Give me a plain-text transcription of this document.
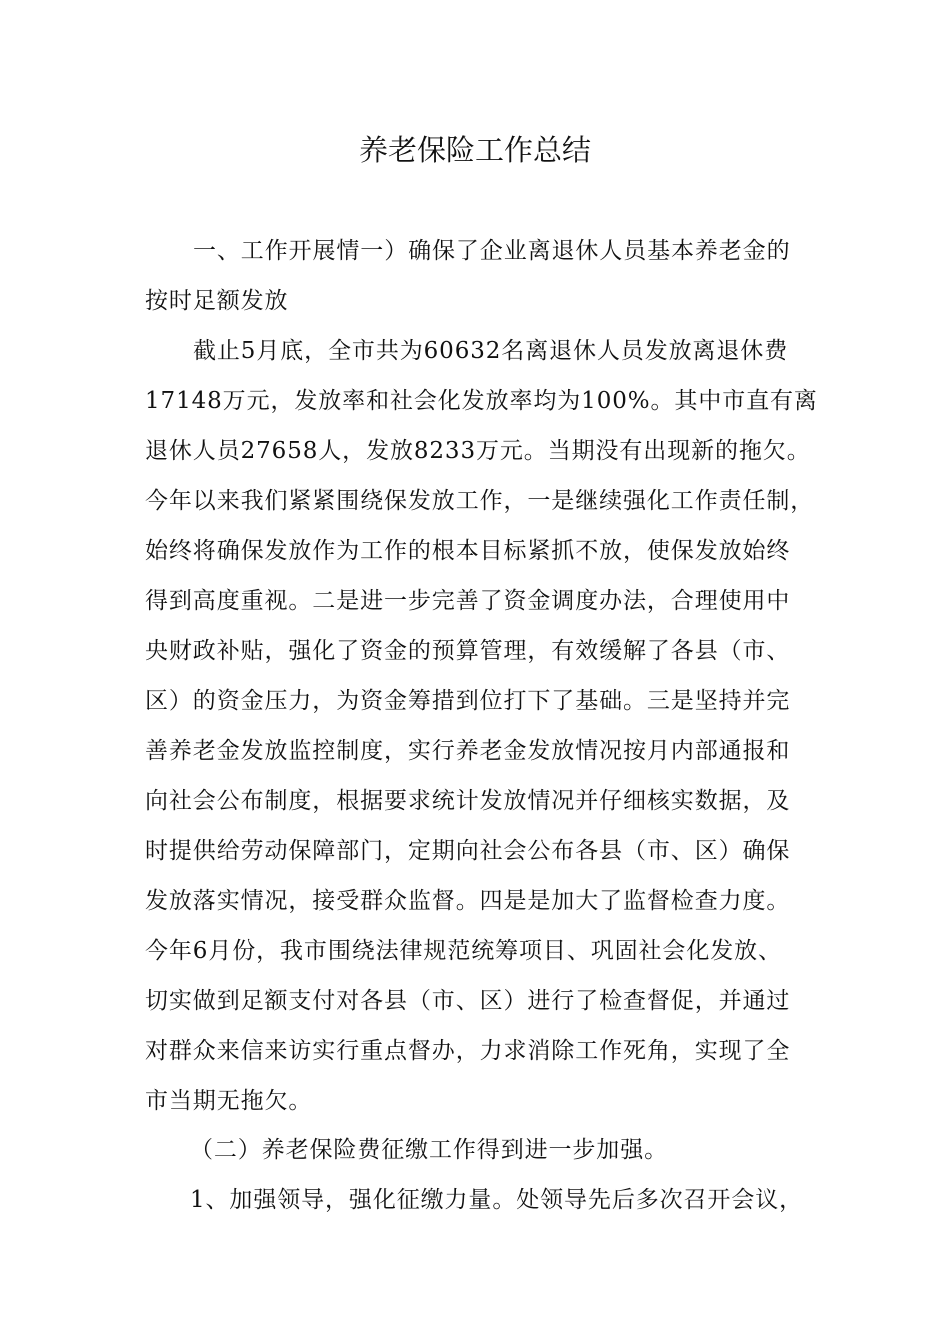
养老保险工作总结
一、工作开展情一）确保了企业离退休人员基本养老金的
按时足额发放
截止5月底，全市共为60632名离退休人员发放离退休费
17148万元，发放率和社会化发放率均为100%。其中市直有离
退休人员27658人，发放8233万元。当期没有出现新的拖欠。
今年以来我们紧紧围绕保发放工作，一是继续强化工作责任制，
始终将确保发放作为工作的根本目标紧抓不放，使保发放始终
得到高度重视。二是进一步完善了资金调度办法，合理使用中
央财政补贴，强化了资金的预算管理，有效缓解了各县（市、
区）的资金压力，为资金筹措到位打下了基础。三是坚持并完
善养老金发放监控制度，实行养老金发放情况按月内部通报和
向社会公布制度，根据要求统计发放情况并仔细核实数据，及
时提供给劳动保障部门，定期向社会公布各县（市、区）确保
发放落实情况，接受群众监督。四是是加大了监督检查力度。
今年6月份，我市围绕法律规范统筹项目、巩固社会化发放、
切实做到足额支付对各县（市、区）进行了检查督促，并通过
对群众来信来访实行重点督办，力求消除工作死角，实现了全
市当期无拖欠。
（二）养老保险费征缴工作得到进一步加强。
1、加强领导，强化征缴力量。处领导先后多次召开会议，
